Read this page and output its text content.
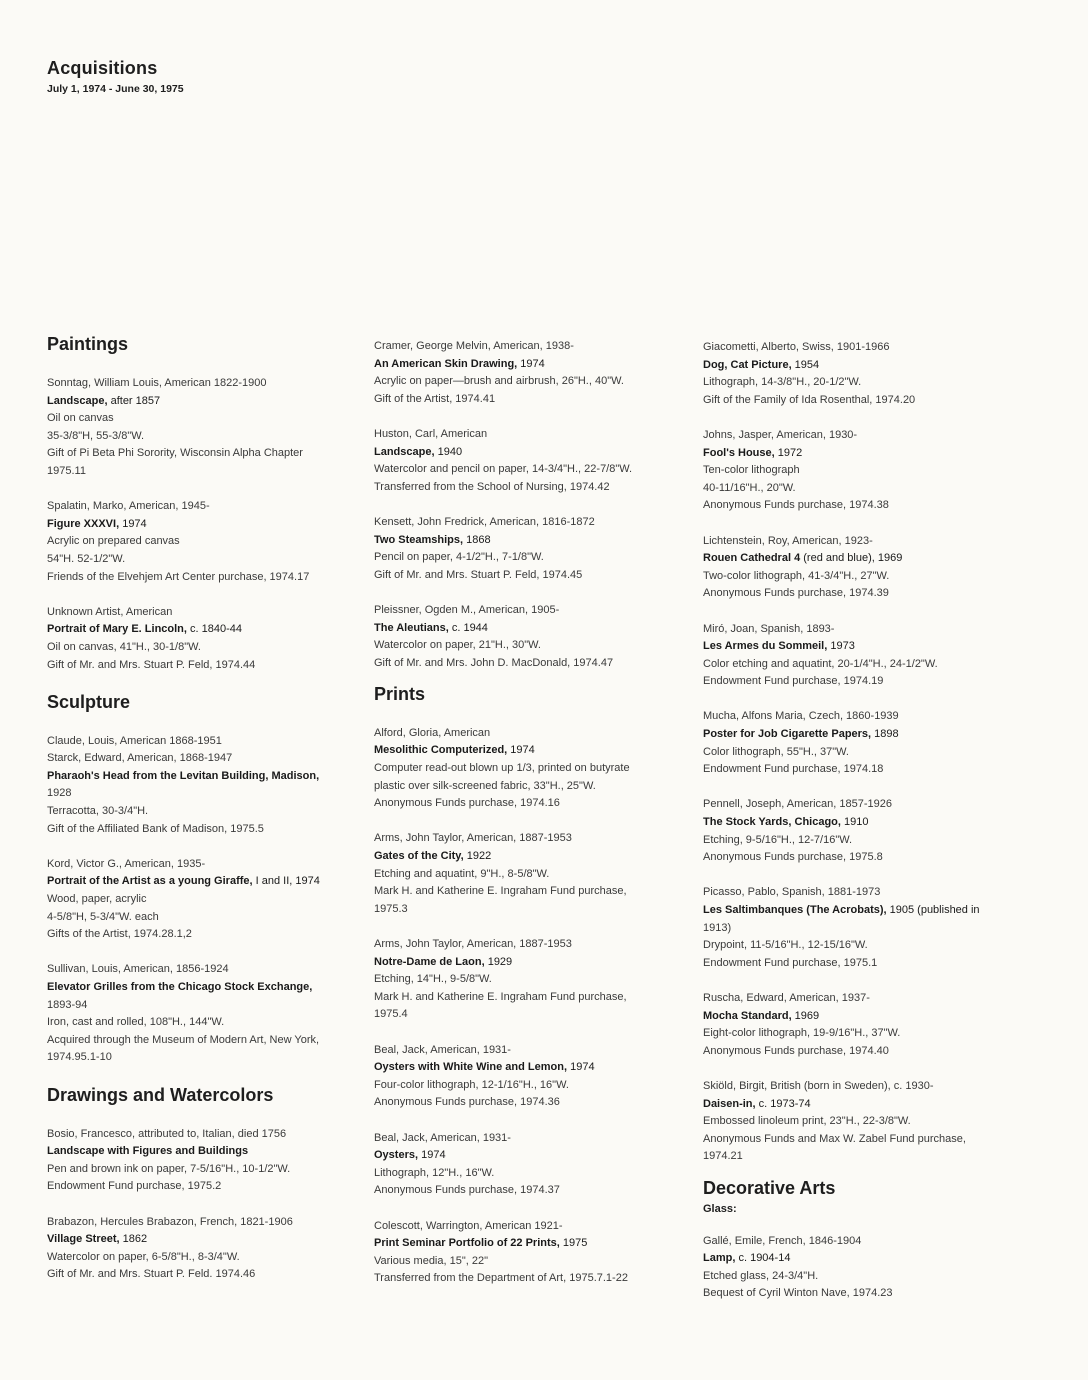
Acquisitions
July 1, 1974 - June 30, 1975
Paintings
Sonntag, William Louis, American 1822-1900
Landscape, after 1857
Oil on canvas
35-3/8"H, 55-3/8"W.
Gift of Pi Beta Phi Sorority, Wisconsin Alpha Chapter
1975.11
Spalatin, Marko, American, 1945-
Figure XXXVI, 1974
Acrylic on prepared canvas
54"H. 52-1/2"W.
Friends of the Elvehjem Art Center purchase, 1974.17
Unknown Artist, American
Portrait of Mary E. Lincoln, c. 1840-44
Oil on canvas, 41"H., 30-1/8"W.
Gift of Mr. and Mrs. Stuart P. Feld, 1974.44
Sculpture
Claude, Louis, American 1868-1951
Starck, Edward, American, 1868-1947
Pharaoh's Head from the Levitan Building, Madison,
1928
Terracotta, 30-3/4"H.
Gift of the Affiliated Bank of Madison, 1975.5
Kord, Victor G., American, 1935-
Portrait of the Artist as a young Giraffe, I and II, 1974
Wood, paper, acrylic
4-5/8"H, 5-3/4"W. each
Gifts of the Artist, 1974.28.1,2
Sullivan, Louis, American, 1856-1924
Elevator Grilles from the Chicago Stock Exchange,
1893-94
Iron, cast and rolled, 108"H., 144"W.
Acquired through the Museum of Modern Art, New York,
1974.95.1-10
Drawings and Watercolors
Bosio, Francesco, attributed to, Italian, died 1756
Landscape with Figures and Buildings
Pen and brown ink on paper, 7-5/16"H., 10-1/2"W.
Endowment Fund purchase, 1975.2
Brabazon, Hercules Brabazon, French, 1821-1906
Village Street, 1862
Watercolor on paper, 6-5/8"H., 8-3/4"W.
Gift of Mr. and Mrs. Stuart P. Feld. 1974.46
Cramer, George Melvin, American, 1938-
An American Skin Drawing, 1974
Acrylic on paper—brush and airbrush, 26"H., 40"W.
Gift of the Artist, 1974.41
Huston, Carl, American
Landscape, 1940
Watercolor and pencil on paper, 14-3/4"H., 22-7/8"W.
Transferred from the School of Nursing, 1974.42
Kensett, John Fredrick, American, 1816-1872
Two Steamships, 1868
Pencil on paper, 4-1/2"H., 7-1/8"W.
Gift of Mr. and Mrs. Stuart P. Feld, 1974.45
Pleissner, Ogden M., American, 1905-
The Aleutians, c. 1944
Watercolor on paper, 21"H., 30"W.
Gift of Mr. and Mrs. John D. MacDonald, 1974.47
Prints
Alford, Gloria, American
Mesolithic Computerized, 1974
Computer read-out blown up 1/3, printed on butyrate
plastic over silk-screened fabric, 33"H., 25"W.
Anonymous Funds purchase, 1974.16
Arms, John Taylor, American, 1887-1953
Gates of the City, 1922
Etching and aquatint, 9"H., 8-5/8"W.
Mark H. and Katherine E. Ingraham Fund purchase,
1975.3
Arms, John Taylor, American, 1887-1953
Notre-Dame de Laon, 1929
Etching, 14"H., 9-5/8"W.
Mark H. and Katherine E. Ingraham Fund purchase,
1975.4
Beal, Jack, American, 1931-
Oysters with White Wine and Lemon, 1974
Four-color lithograph, 12-1/16"H., 16"W.
Anonymous Funds purchase, 1974.36
Beal, Jack, American, 1931-
Oysters, 1974
Lithograph, 12"H., 16"W.
Anonymous Funds purchase, 1974.37
Colescott, Warrington, American 1921-
Print Seminar Portfolio of 22 Prints, 1975
Various media, 15", 22"
Transferred from the Department of Art, 1975.7.1-22
Giacometti, Alberto, Swiss, 1901-1966
Dog, Cat Picture, 1954
Lithograph, 14-3/8"H., 20-1/2"W.
Gift of the Family of Ida Rosenthal, 1974.20
Johns, Jasper, American, 1930-
Fool's House, 1972
Ten-color lithograph
40-11/16"H., 20"W.
Anonymous Funds purchase, 1974.38
Lichtenstein, Roy, American, 1923-
Rouen Cathedral 4 (red and blue), 1969
Two-color lithograph, 41-3/4"H., 27"W.
Anonymous Funds purchase, 1974.39
Miró, Joan, Spanish, 1893-
Les Armes du Sommeil, 1973
Color etching and aquatint, 20-1/4"H., 24-1/2"W.
Endowment Fund purchase, 1974.19
Mucha, Alfons Maria, Czech, 1860-1939
Poster for Job Cigarette Papers, 1898
Color lithograph, 55"H., 37"W.
Endowment Fund purchase, 1974.18
Pennell, Joseph, American, 1857-1926
The Stock Yards, Chicago, 1910
Etching, 9-5/16"H., 12-7/16"W.
Anonymous Funds purchase, 1975.8
Picasso, Pablo, Spanish, 1881-1973
Les Saltimbanques (The Acrobats), 1905 (published in
1913)
Drypoint, 11-5/16"H., 12-15/16"W.
Endowment Fund purchase, 1975.1
Ruscha, Edward, American, 1937-
Mocha Standard, 1969
Eight-color lithograph, 19-9/16"H., 37"W.
Anonymous Funds purchase, 1974.40
Skiöld, Birgit, British (born in Sweden), c. 1930-
Daisen-in, c. 1973-74
Embossed linoleum print, 23"H., 22-3/8"W.
Anonymous Funds and Max W. Zabel Fund purchase,
1974.21
Decorative Arts
Glass:
Gallé, Emile, French, 1846-1904
Lamp, c. 1904-14
Etched glass, 24-3/4"H.
Bequest of Cyril Winton Nave, 1974.23
